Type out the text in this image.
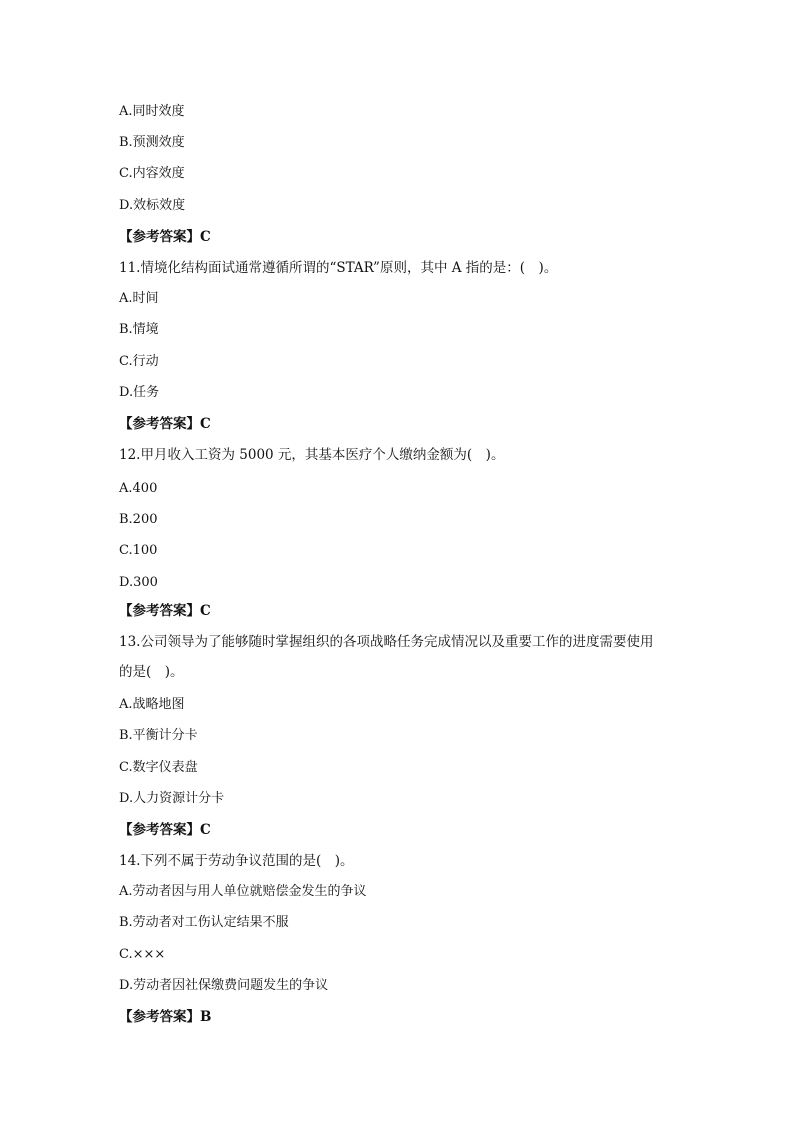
A.同时效度
B.预测效度
C.内容效度
D.效标效度
【参考答案】C
11.情境化结构面试通常遵循所谓的“STAR”原则，其中 A 指的是：(　)。
A.时间
B.情境
C.行动
D.任务
【参考答案】C
12.甲月收入工资为 5000 元，其基本医疗个人缴纳金额为(　)。
A.400
B.200
C.100
D.300
【参考答案】C
13.公司领导为了能够随时掌握组织的各项战略任务完成情况以及重要工作的进度需要使用
的是(　)。
A.战略地图
B.平衡计分卡
C.数字仪表盘
D.人力资源计分卡
【参考答案】C
14.下列不属于劳动争议范围的是(　)。
A.劳动者因与用人单位就赔偿金发生的争议
B.劳动者对工伤认定结果不服
C.×××
D.劳动者因社保缴费问题发生的争议
【参考答案】B
